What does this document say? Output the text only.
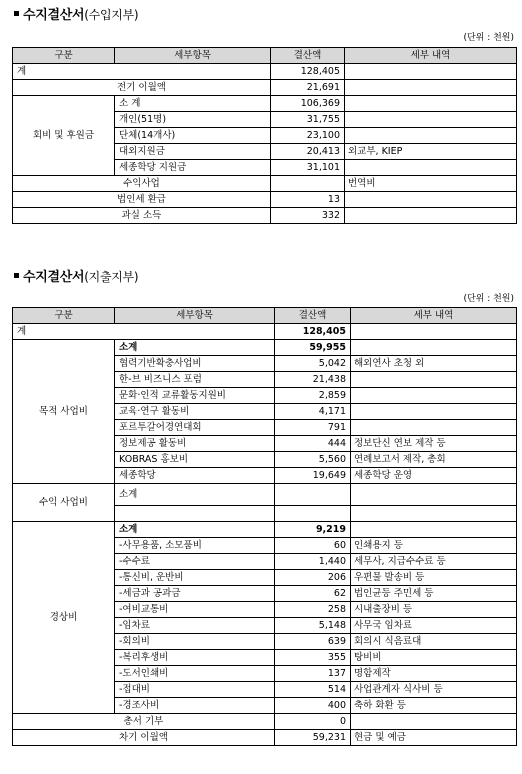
수지결산서(수입지부)
(단위 : 천원)
구분	세부항목	결산액	세부 내역
계		128,405	
전기 이월액		21,691	
회비 및 후원금	소 계	106,369	
	개인(51명)	31,755	
	단체(14개사)	23,100	
	대외지원금	20,413	외교부, KIEP
	세종학당 지원금	31,101	
수익사업			번역비
법인세 환급		13	
과실 소득		332	
수지결산서(지출지부)
(단위 : 천원)
구분	세부항목	결산액	세부 내역
계		128,405	
목적 사업비	소계	59,955	
	협력기반확충사업비	5,042	해외연사 초청 외
	한-브 비즈니스 포럼	21,438	
	문화·인적 교류활동지원비	2,859	
	교육·연구 활동비	4,171	
	포르투갈어경연대회	791	
	정보제공 활동비	444	정보단신 연보 제작 등
	KOBRAS 홍보비	5,560	연례보고서 제작, 총회
	세종학당	19,649	세종학당 운영
수익 사업비	소계		

경상비	소계	9,219	
	-사무용품, 소모품비	60	인쇄용지 등
	-수수료	1,440	세무사, 지급수수료 등
	-통신비, 운반비	206	우편물 발송비 등
	-세금과 공과금	62	법인균등 주민세 등
	-여비교통비	258	시내출장비 등
	-임차료	5,148	사무국 임차료
	-회의비	639	회의시 식음료대
	-복리후생비	355	탕비비
	-도서인쇄비	137	명함제작
	-접대비	514	사업관계자 식사비 등
	-경조사비	400	축하 화환 등
총서 기부		0	
차기 이월액		59,231	현금 및 예금
